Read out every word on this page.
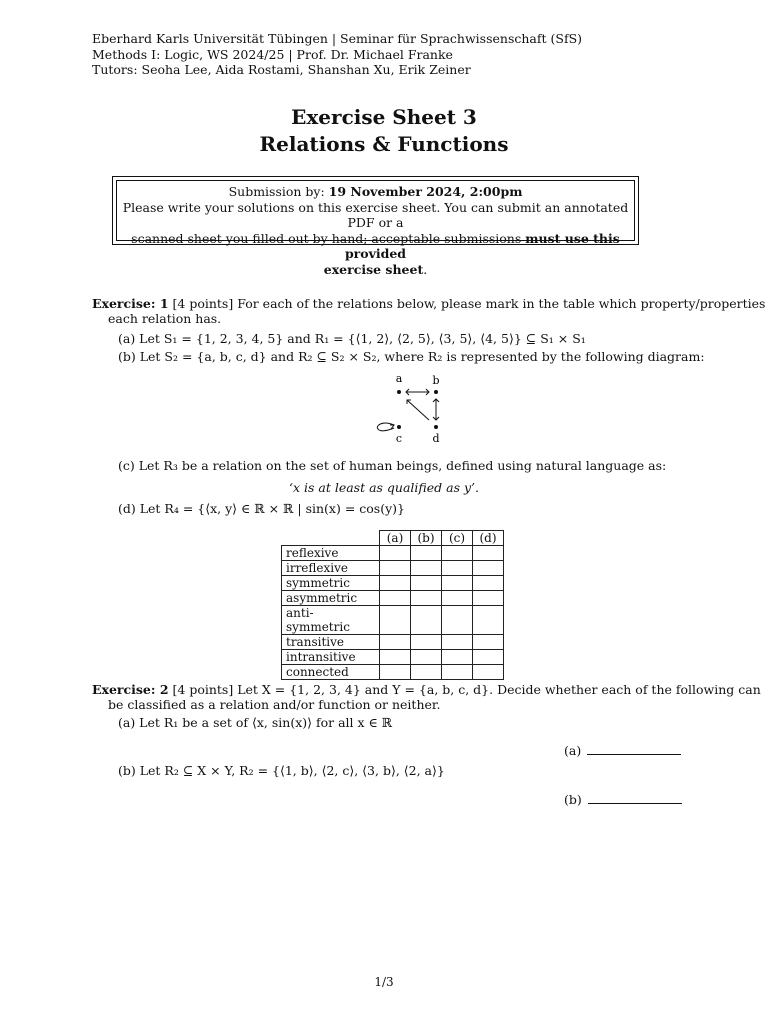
Eberhard Karls Universität Tübingen | Seminar für Sprachwissenschaft (SfS)
Methods I: Logic, WS 2024/25 | Prof. Dr. Michael Franke
Tutors: Seoha Lee, Aida Rostami, Shanshan Xu, Erik Zeiner
Exercise Sheet 3
Relations & Functions
Submission by: 19 November 2024, 2:00pm
Please write your solutions on this exercise sheet. You can submit an annotated PDF or a
scanned sheet you filled out by hand; acceptable submissions must use this provided
exercise sheet.
Exercise: 1 [4 points] For each of the relations below, please mark in the table which property/properties
each relation has.
(a) Let S₁ = {1, 2, 3, 4, 5} and R₁ = {⟨1, 2⟩, ⟨2, 5⟩, ⟨3, 5⟩, ⟨4, 5⟩} ⊆ S₁ × S₁
(b) Let S₂ = {a, b, c, d} and R₂ ⊆ S₂ × S₂, where R₂ is represented by the following diagram:
a	b
c	d
(c) Let R₃ be a relation on the set of human beings, defined using natural language as:
‘x is at least as qualified as y’.
(d) Let R₄ = {⟨x, y⟩ ∈ ℝ × ℝ | sin(x) = cos(y)}
	(a)	(b)	(c)	(d)
reflexive				
irreflexive				
symmetric				
asymmetric				
anti-symmetric				
transitive				
intransitive				
connected				
Exercise: 2 [4 points] Let X = {1, 2, 3, 4} and Y = {a, b, c, d}. Decide whether each of the following can
be classified as a relation and/or function or neither.
(a) Let R₁ be a set of ⟨x, sin(x)⟩ for all x ∈ ℝ
(a)
(b) Let R₂ ⊆ X × Y, R₂ = {⟨1, b⟩, ⟨2, c⟩, ⟨3, b⟩, ⟨2, a⟩}
(b)
1/3
